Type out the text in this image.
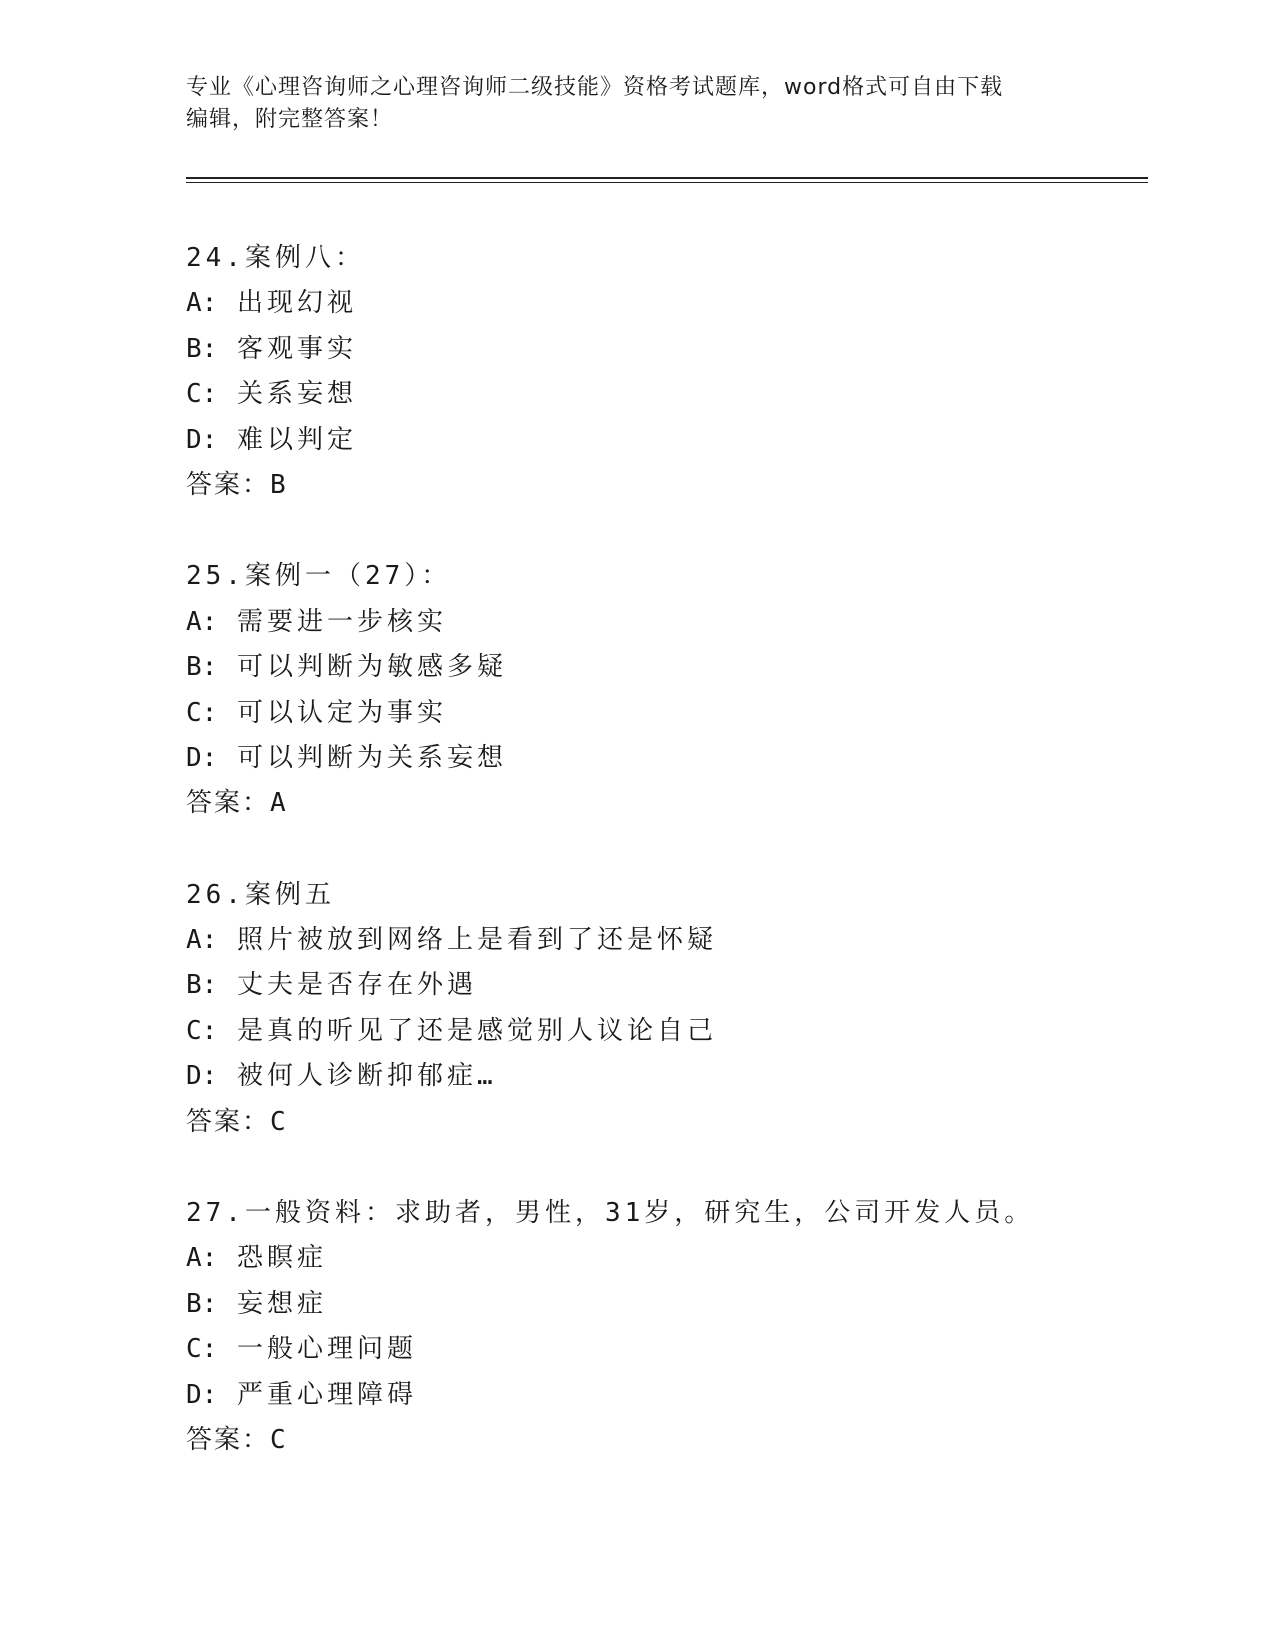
专业《心理咨询师之心理咨询师二级技能》资格考试题库，word格式可自由下载
编辑，附完整答案！
24.案例八：
A: 出现幻视
B: 客观事实
C: 关系妄想
D: 难以判定
答案：B
25.案例一（27）：
A: 需要进一步核实
B: 可以判断为敏感多疑
C: 可以认定为事实
D: 可以判断为关系妄想
答案：A
26.案例五
A: 照片被放到网络上是看到了还是怀疑
B: 丈夫是否存在外遇
C: 是真的听见了还是感觉别人议论自己
D: 被何人诊断抑郁症…
答案：C
27.一般资料：求助者，男性，31岁，研究生，公司开发人员。
A: 恐瞑症
B: 妄想症
C: 一般心理问题
D: 严重心理障碍
答案：C
